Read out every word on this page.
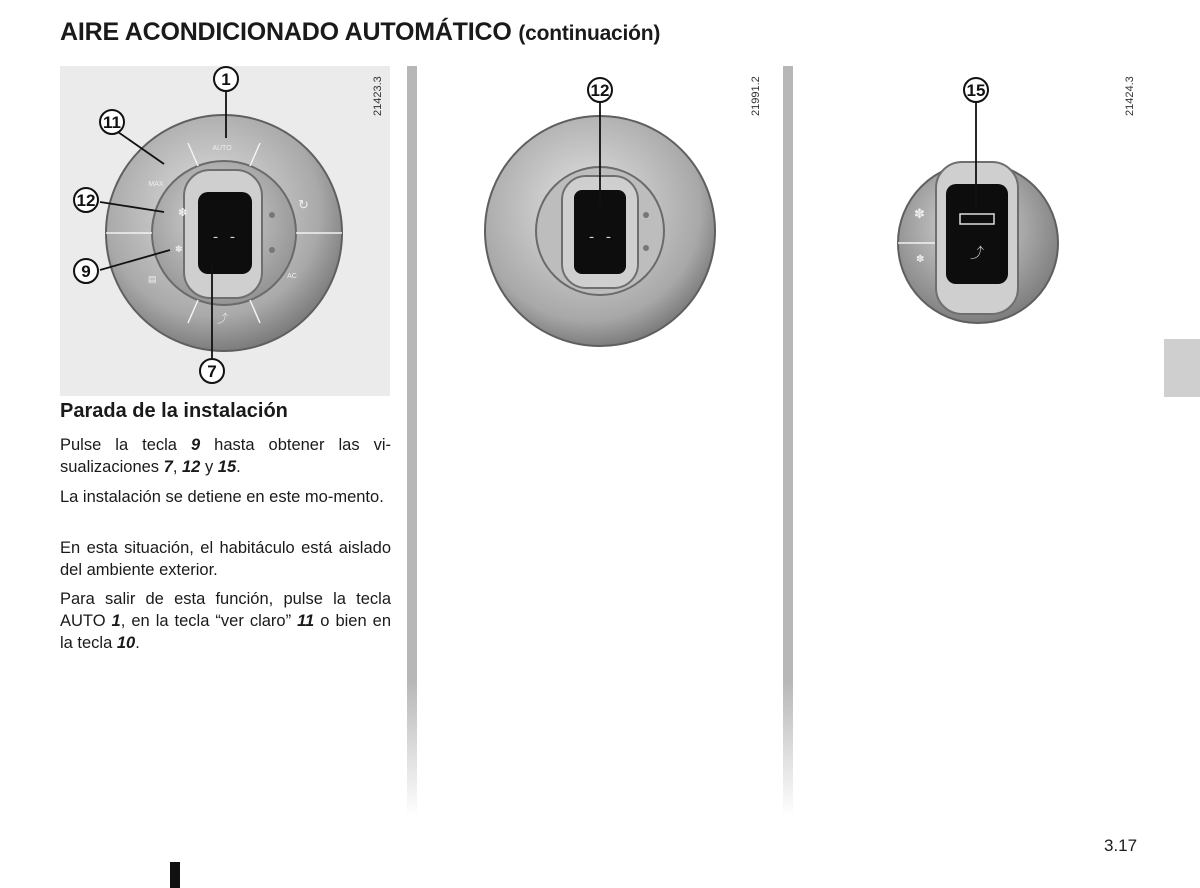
AIRE ACONDICIONADO AUTOMÁTICO (continuación)
21423.3	21991.2	21424.3
- -
AUTO
AC
MAX
✽
✽
↻
▤
⤴
1
11
12
9
7
- -
12
⤴
✽
✽
15
Parada de la instalación

Pulse la tecla 9 hasta obtener las vi-sualizaciones 7, 12 y 15.

La instalación se detiene en este mo-mento.

En esta situación, el habitáculo está aislado del ambiente exterior.

Para salir de esta función, pulse la tecla AUTO 1, en la tecla “ver claro” 11 o bien en la tecla 10.

3.17
